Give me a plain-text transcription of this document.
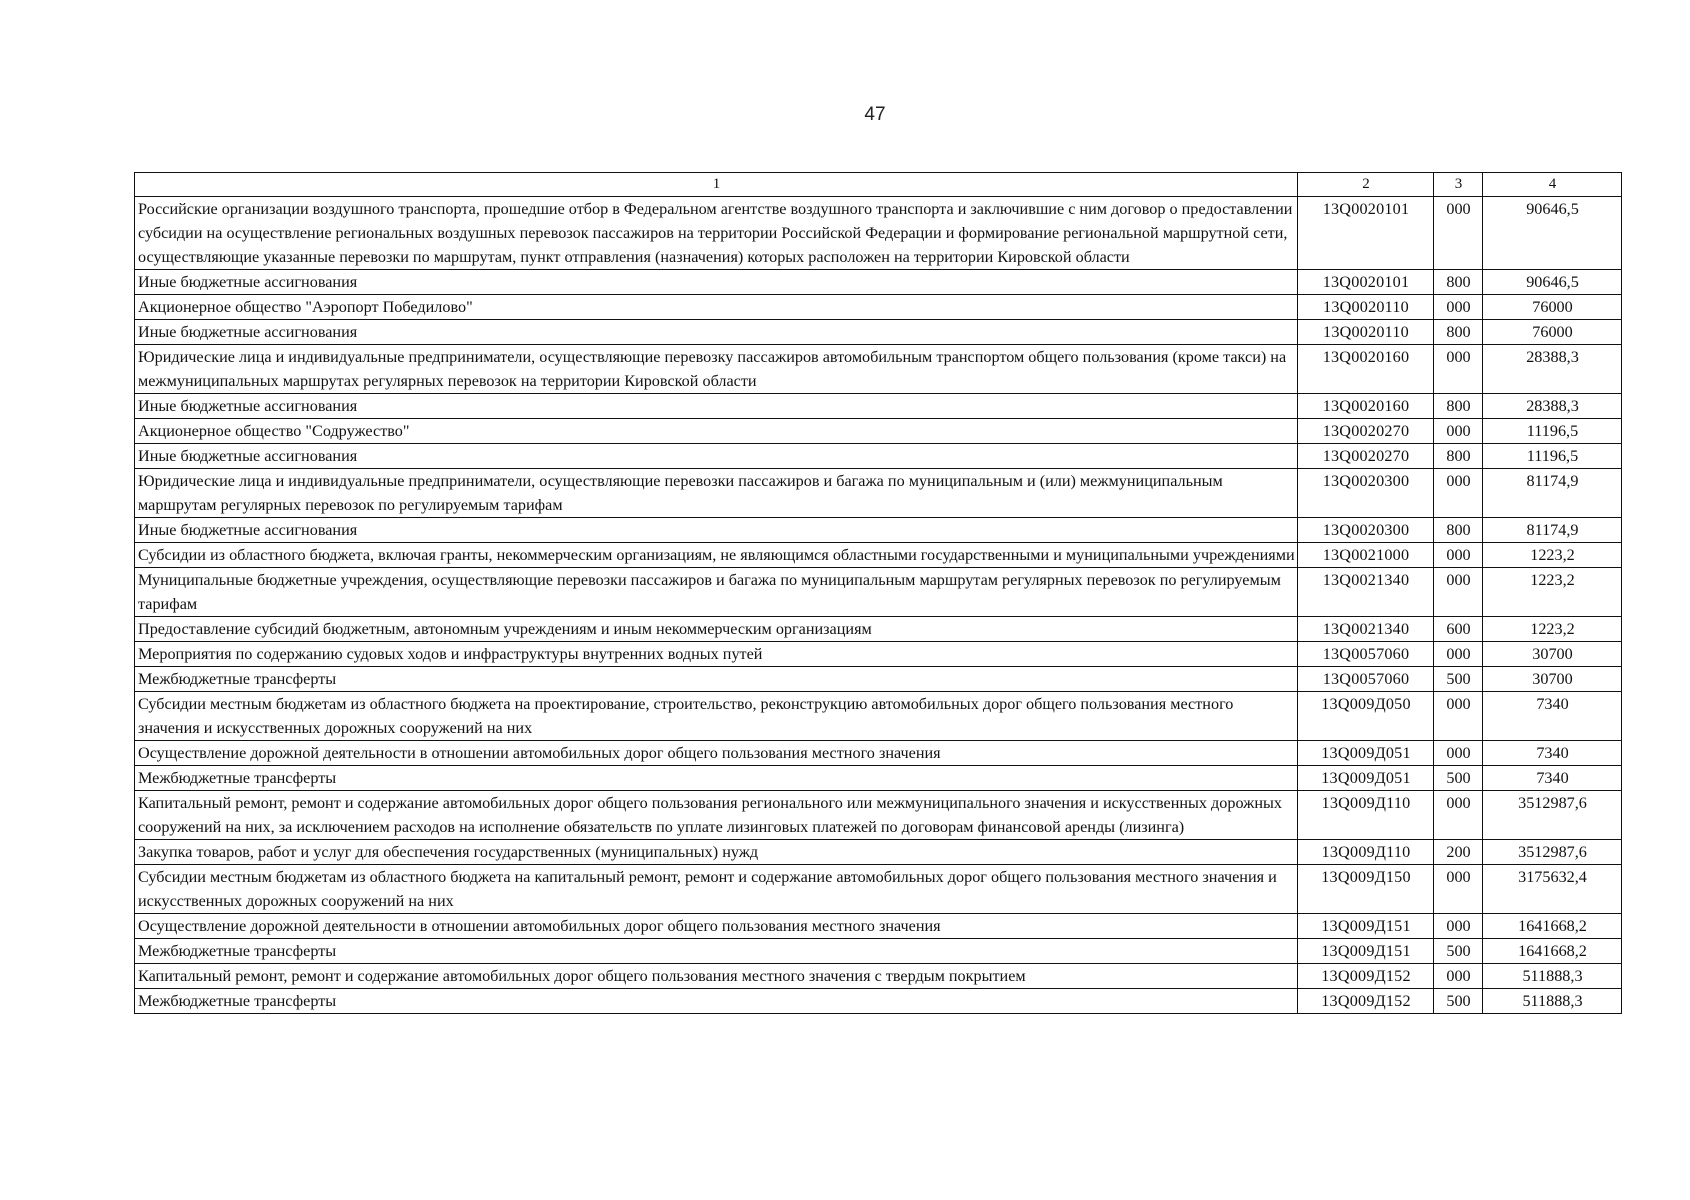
47
1	2	3	4
Российские организации воздушного транспорта, прошедшие отбор в Федеральном агентстве воздушного транспорта и заключившие с ним договор о предоставлении субсидии на осуществление региональных воздушных перевозок пассажиров на территории Российской Федерации и формирование региональной маршрутной сети, осуществляющие указанные перевозки по маршрутам, пункт отправления (назначения) которых расположен на территории Кировской области	13Q0020101	000	90646,5
Иные бюджетные ассигнования	13Q0020101	800	90646,5
Акционерное общество "Аэропорт Победилово"	13Q0020110	000	76000
Иные бюджетные ассигнования	13Q0020110	800	76000
Юридические лица и индивидуальные предприниматели, осуществляющие перевозку пассажиров автомобильным транспортом общего пользования (кроме такси) на межмуниципальных маршрутах регулярных перевозок на территории Кировской области	13Q0020160	000	28388,3
Иные бюджетные ассигнования	13Q0020160	800	28388,3
Акционерное общество "Содружество"	13Q0020270	000	11196,5
Иные бюджетные ассигнования	13Q0020270	800	11196,5
Юридические лица и индивидуальные предприниматели, осуществляющие перевозки пассажиров и багажа по муниципальным и (или) межмуниципальным маршрутам регулярных перевозок по регулируемым тарифам	13Q0020300	000	81174,9
Иные бюджетные ассигнования	13Q0020300	800	81174,9
Субсидии из областного бюджета, включая гранты, некоммерческим организациям, не являющимся областными государственными и муниципальными учреждениями	13Q0021000	000	1223,2
Муниципальные бюджетные учреждения, осуществляющие перевозки пассажиров и багажа по муниципальным маршрутам регулярных перевозок по регулируемым тарифам	13Q0021340	000	1223,2
Предоставление субсидий бюджетным, автономным учреждениям и иным некоммерческим организациям	13Q0021340	600	1223,2
Мероприятия по содержанию судовых ходов и инфраструктуры внутренних водных путей	13Q0057060	000	30700
Межбюджетные трансферты	13Q0057060	500	30700
Субсидии местным бюджетам из областного бюджета на проектирование, строительство, реконструкцию автомобильных дорог общего пользования местного значения и искусственных дорожных сооружений на них	13Q009Д050	000	7340
Осуществление дорожной деятельности в отношении автомобильных дорог общего пользования местного значения	13Q009Д051	000	7340
Межбюджетные трансферты	13Q009Д051	500	7340
Капитальный ремонт, ремонт и содержание автомобильных дорог общего пользования регионального или межмуниципального значения и искусственных дорожных сооружений на них, за исключением расходов на исполнение обязательств по уплате лизинговых платежей по договорам финансовой аренды (лизинга)	13Q009Д110	000	3512987,6
Закупка товаров, работ и услуг для обеспечения государственных (муниципальных) нужд	13Q009Д110	200	3512987,6
Субсидии местным бюджетам из областного бюджета на капитальный ремонт, ремонт и содержание автомобильных дорог общего пользования местного значения и искусственных дорожных сооружений на них	13Q009Д150	000	3175632,4
Осуществление дорожной деятельности в отношении автомобильных дорог общего пользования местного значения	13Q009Д151	000	1641668,2
Межбюджетные трансферты	13Q009Д151	500	1641668,2
Капитальный ремонт, ремонт и содержание автомобильных дорог общего пользования местного значения с твердым покрытием	13Q009Д152	000	511888,3
Межбюджетные трансферты	13Q009Д152	500	511888,3
